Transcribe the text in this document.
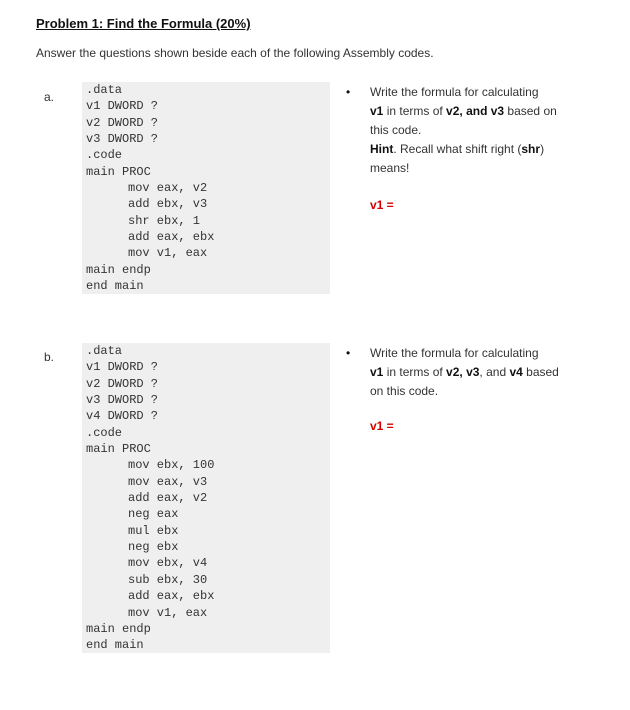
Problem 1: Find the Formula (20%)
Answer the questions shown beside each of the following Assembly codes.
a.	.data
v1 DWORD ?
v2 DWORD ?
v3 DWORD ?
.code
main PROC
mov eax, v2
add ebx, v3
shr ebx, 1
add eax, ebx
mov v1, eax
main endp
end main
• Write the formula for calculating
v1 in terms of v2, and v3 based on
this code.
Hint. Recall what shift right (shr)
means!
v1 =
b.	.data
v1 DWORD ?
v2 DWORD ?
v3 DWORD ?
v4 DWORD ?
.code
main PROC
mov ebx, 100
mov eax, v3
add eax, v2
neg eax
mul ebx
neg ebx
mov ebx, v4
sub ebx, 30
add eax, ebx
mov v1, eax
main endp
end main
• Write the formula for calculating
v1 in terms of v2, v3, and v4 based
on this code.
v1 =
